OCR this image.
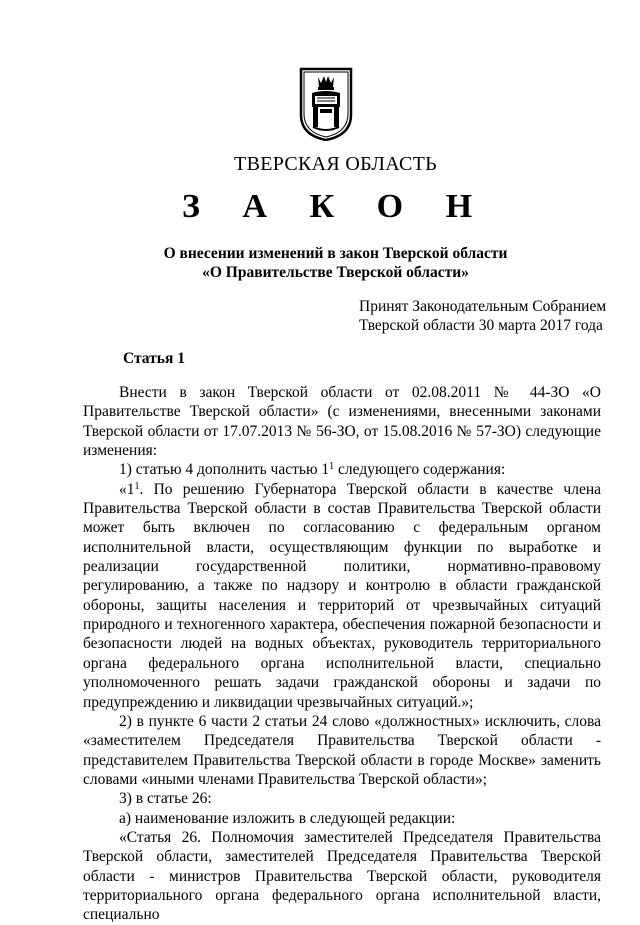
ТВЕРСКАЯ ОБЛАСТЬ
З А К О Н
О внесении изменений в закон Тверской области
«О Правительстве Тверской области»
Принят Законодательным Собранием
Тверской области 30 марта 2017 года
Статья 1

Внести в закон Тверской области от 02.08.2011 № 44-ЗО «О Правительстве Тверской области» (с изменениями, внесенными законами Тверской области от 17.07.2013 № 56-ЗО, от 15.08.2016 № 57-ЗО) следующие изменения:

1) статью 4 дополнить частью $1^1$ следующего содержания:

«$1^1$. По решению Губернатора Тверской области в качестве члена Правительства Тверской области в состав Правительства Тверской области может быть включен по согласованию с федеральным органом исполнительной власти, осуществляющим функции по выработке и реализации государственной политики, нормативно-правовому регулированию, а также по надзору и контролю в области гражданской обороны, защиты населения и территорий от чрезвычайных ситуаций природного и техногенного характера, обеспечения пожарной безопасности и безопасности людей на водных объектах, руководитель территориального органа федерального органа исполнительной власти, специально уполномоченного решать задачи гражданской обороны и задачи по предупреждению и ликвидации чрезвычайных ситуаций.»;

2) в пункте 6 части 2 статьи 24 слово «должностных» исключить, слова «заместителем Председателя Правительства Тверской области - представителем Правительства Тверской области в городе Москве» заменить словами «иными членами Правительства Тверской области»;

3) в статье 26:

а) наименование изложить в следующей редакции:

«Статья 26. Полномочия заместителей Председателя Правительства Тверской области, заместителей Председателя Правительства Тверской области - министров Правительства Тверской области, руководителя территориального органа федерального органа исполнительной власти, специально
